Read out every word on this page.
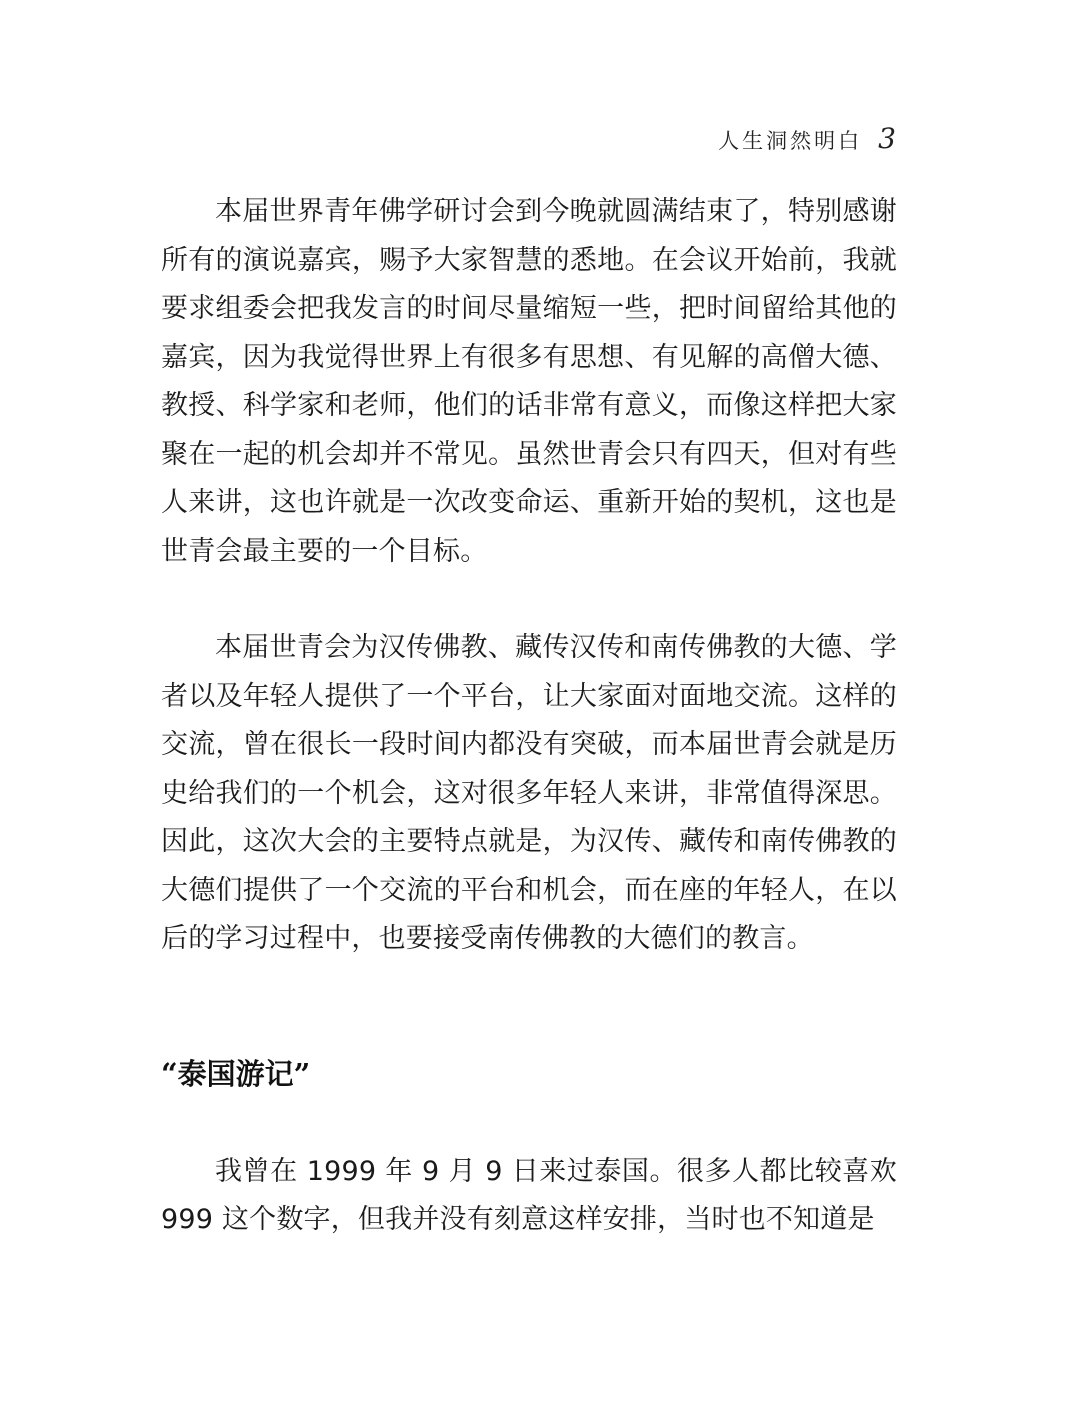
人生洞然明白 3

本届世界青年佛学研讨会到今晚就圆满结束了，特别感谢所有的演说嘉宾，赐予大家智慧的悉地。在会议开始前，我就要求组委会把我发言的时间尽量缩短一些，把时间留给其他的嘉宾，因为我觉得世界上有很多有思想、有见解的高僧大德、教授、科学家和老师，他们的话非常有意义，而像这样把大家聚在一起的机会却并不常见。虽然世青会只有四天，但对有些人来讲，这也许就是一次改变命运、重新开始的契机，这也是世青会最主要的一个目标。

本届世青会为汉传佛教、藏传汉传和南传佛教的大德、学者以及年轻人提供了一个平台，让大家面对面地交流。这样的交流，曾在很长一段时间内都没有突破，而本届世青会就是历史给我们的一个机会，这对很多年轻人来讲，非常值得深思。因此，这次大会的主要特点就是，为汉传、藏传和南传佛教的大德们提供了一个交流的平台和机会，而在座的年轻人，在以后的学习过程中，也要接受南传佛教的大德们的教言。

“泰国游记”

我曾在 1999 年 9 月 9 日来过泰国。很多人都比较喜欢 999 这个数字，但我并没有刻意这样安排，当时也不知道是
